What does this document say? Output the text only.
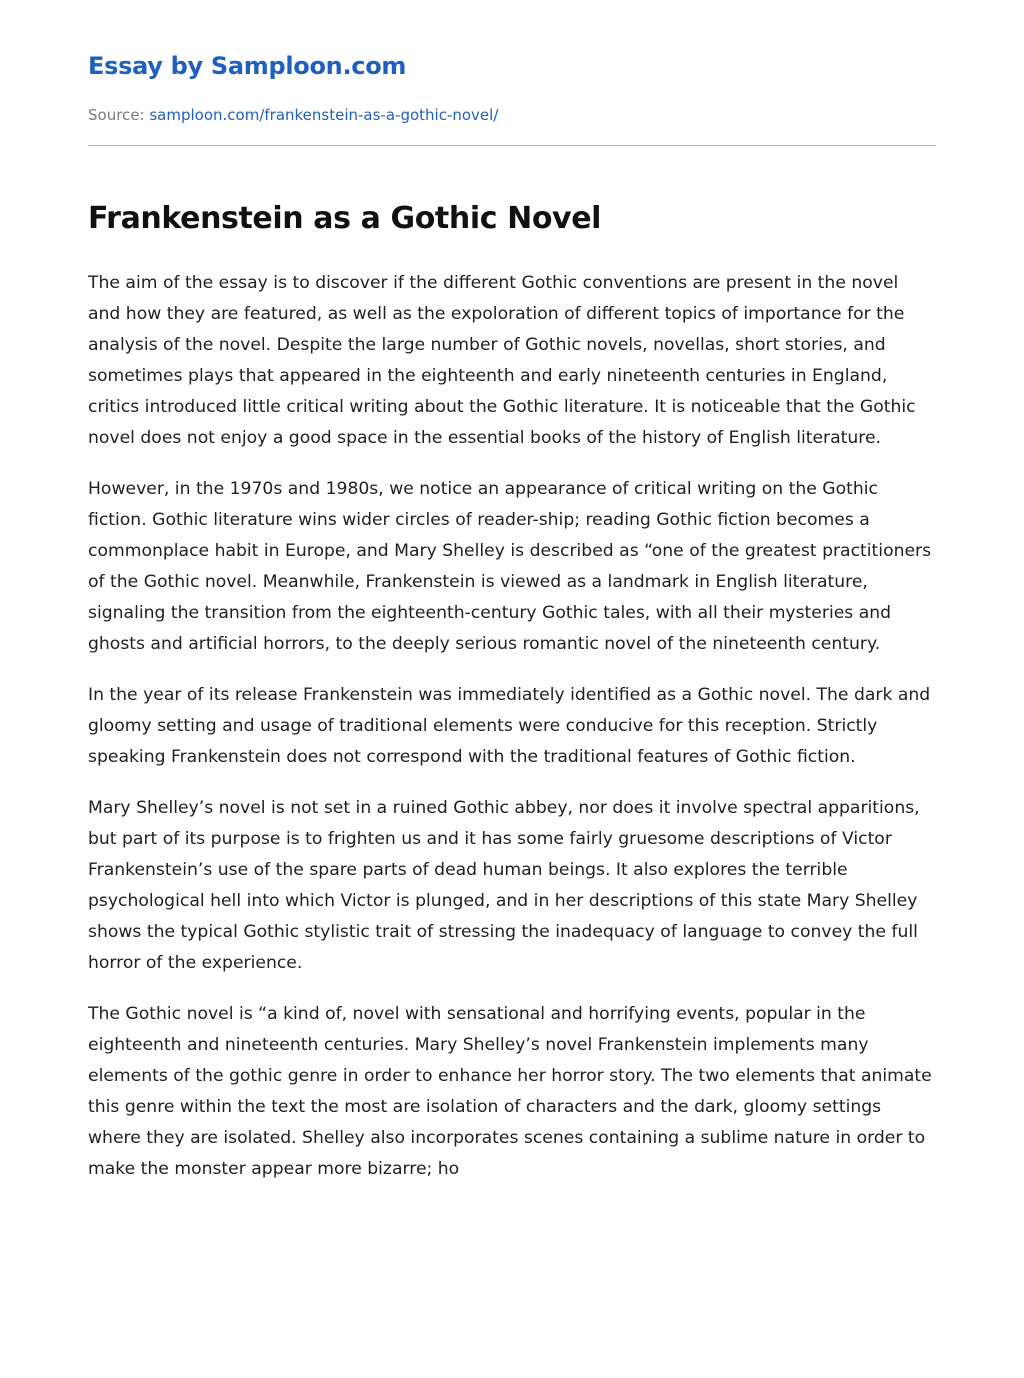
Essay by Samploon.com
Source: samploon.com/frankenstein-as-a-gothic-novel/
Frankenstein as a Gothic Novel

The aim of the essay is to discover if the different Gothic conventions are present in the novel and how they are featured, as well as the expoloration of different topics of importance for the analysis of the novel. Despite the large number of Gothic novels, novellas, short stories, and sometimes plays that appeared in the eighteenth and early nineteenth centuries in England, critics introduced little critical writing about the Gothic literature. It is noticeable that the Gothic novel does not enjoy a good space in the essential books of the history of English literature.

However, in the 1970s and 1980s, we notice an appearance of critical writing on the Gothic fiction. Gothic literature wins wider circles of reader-ship; reading Gothic fiction becomes a commonplace habit in Europe, and Mary Shelley is described as “one of the greatest practitioners of the Gothic novel. Meanwhile, Frankenstein is viewed as a landmark in English literature, signaling the transition from the eighteenth-century Gothic tales, with all their mysteries and ghosts and artificial horrors, to the deeply serious romantic novel of the nineteenth century.

In the year of its release Frankenstein was immediately identified as a Gothic novel. The dark and gloomy setting and usage of traditional elements were conducive for this reception. Strictly speaking Frankenstein does not correspond with the traditional features of Gothic fiction.

Mary Shelley’s novel is not set in a ruined Gothic abbey, nor does it involve spectral apparitions, but part of its purpose is to frighten us and it has some fairly gruesome descriptions of Victor Frankenstein’s use of the spare parts of dead human beings. It also explores the terrible psychological hell into which Victor is plunged, and in her descriptions of this state Mary Shelley shows the typical Gothic stylistic trait of stressing the inadequacy of language to convey the full horror of the experience.

The Gothic novel is “a kind of, novel with sensational and horrifying events, popular in the eighteenth and nineteenth centuries. Mary Shelley’s novel Frankenstein implements many elements of the gothic genre in order to enhance her horror story. The two elements that animate this genre within the text the most are isolation of characters and the dark, gloomy settings where they are isolated. Shelley also incorporates scenes containing a sublime nature in order to make the monster appear more bizarre; ho
